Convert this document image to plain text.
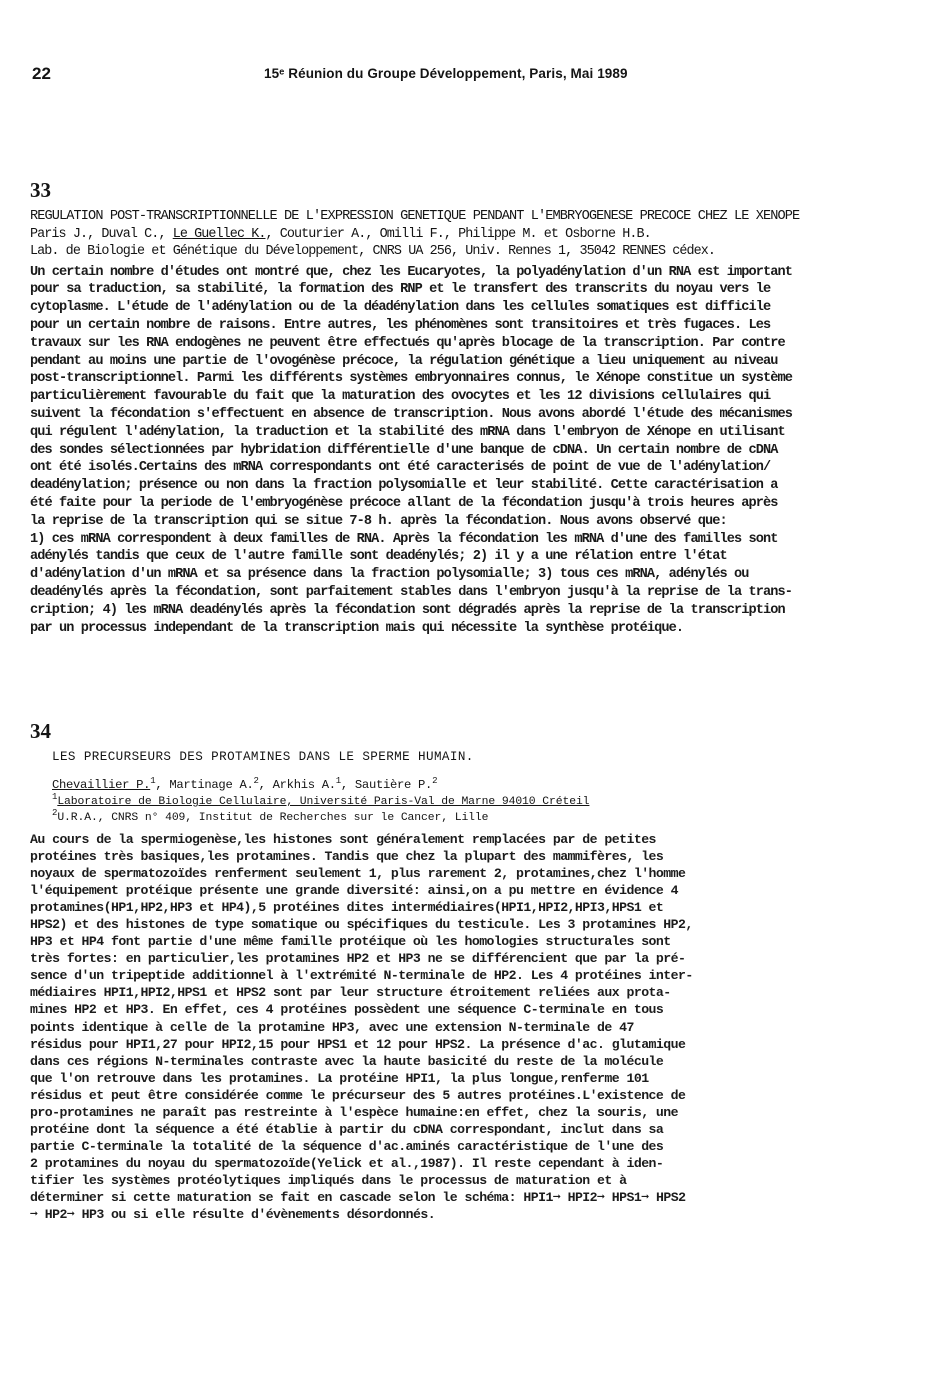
22	15ᵉ Réunion du Groupe Développement, Paris, Mai 1989
33
REGULATION POST-TRANSCRIPTIONNELLE DE L'EXPRESSION GENETIQUE PENDANT L'EMBRYOGENESE PRECOCE CHEZ LE XENOPE
Paris J., Duval C., Le Guellec K., Couturier A., Omilli F., Philippe M. et Osborne H.B.
Lab. de Biologie et Génétique du Développement, CNRS UA 256, Univ. Rennes 1, 35042 RENNES cédex.
Un certain nombre d'études ont montré que, chez les Eucaryotes, la polyadénylation d'un RNA est important
pour sa traduction, sa stabilité, la formation des RNP et le transfert des transcrits du noyau vers le
cytoplasme. L'étude de l'adénylation ou de la déadénylation dans les cellules somatiques est difficile
pour un certain nombre de raisons. Entre autres, les phénomènes sont transitoires et très fugaces. Les
travaux sur les RNA endogènes ne peuvent être effectués qu'après blocage de la transcription. Par contre
pendant au moins une partie de l'ovogénèse précoce, la régulation génétique a lieu uniquement au niveau
post-transcriptionnel. Parmi les différents systèmes embryonnaires connus, le Xénope constitue un système
particulièrement favourable du fait que la maturation des ovocytes et les 12 divisions cellulaires qui
suivent la fécondation s'effectuent en absence de transcription. Nous avons abordé l'étude des mécanismes
qui régulent l'adénylation, la traduction et la stabilité des mRNA dans l'embryon de Xénope en utilisant
des sondes sélectionnées par hybridation différentielle d'une banque de cDNA. Un certain nombre de cDNA
ont été isolés.Certains des mRNA correspondants ont été caracterisés de point de vue de l'adénylation/
deadénylation; présence ou non dans la fraction polysomialle et leur stabilité. Cette caractérisation a
été faite pour la periode de l'embryogénèse précoce allant de la fécondation jusqu'à trois heures après
la reprise de la transcription qui se situe 7-8 h. après la fécondation. Nous avons observé que:
1) ces mRNA correspondent à deux familles de RNA. Après la fécondation les mRNA d'une des familles sont
adénylés tandis que ceux de l'autre famille sont deadénylés; 2) il y a une rélation entre l'état
d'adénylation d'un mRNA et sa présence dans la fraction polysomialle; 3) tous ces mRNA, adénylés ou
deadénylés après la fécondation, sont parfaitement stables dans l'embryon jusqu'à la reprise de la trans-
cription; 4) les mRNA deadénylés après la fécondation sont dégradés après la reprise de la transcription
par un processus independant de la transcription mais qui nécessite la synthèse protéique.
34
LES PRECURSEURS DES PROTAMINES DANS LE SPERME HUMAIN.
Chevaillier P.$^1$, Martinage A.$^2$, Arkhis A.$^1$, Sautière P.$^2$
$^1$Laboratoire de Biologie Cellulaire, Université Paris-Val de Marne 94010 Créteil
$^2$U.R.A., CNRS n° 409, Institut de Recherches sur le Cancer, Lille
Au cours de la spermiogenèse,les histones sont généralement remplacées par de petites
protéines très basiques,les protamines. Tandis que chez la plupart des mammifères, les
noyaux de spermatozoïdes renferment seulement 1, plus rarement 2, protamines,chez l'homme
l'équipement protéique présente une grande diversité: ainsi,on a pu mettre en évidence 4
protamines(HP1,HP2,HP3 et HP4),5 protéines dites intermédiaires(HPI1,HPI2,HPI3,HPS1 et
HPS2) et des histones de type somatique ou spécifiques du testicule. Les 3 protamines HP2,
HP3 et HP4 font partie d'une même famille protéique où les homologies structurales sont
très fortes: en particulier,les protamines HP2 et HP3 ne se différencient que par la pré-
sence d'un tripeptide additionnel à l'extrémité N-terminale de HP2. Les 4 protéines inter-
médiaires HPI1,HPI2,HPS1 et HPS2 sont par leur structure étroitement reliées aux prota-
mines HP2 et HP3. En effet, ces 4 protéines possèdent une séquence C-terminale en tous
points identique à celle de la protamine HP3, avec une extension N-terminale de 47
résidus pour HPI1,27 pour HPI2,15 pour HPS1 et 12 pour HPS2. La présence d'ac. glutamique
dans ces régions N-terminales contraste avec la haute basicité du reste de la molécule
que l'on retrouve dans les protamines. La protéine HPI1, la plus longue,renferme 101
résidus et peut être considérée comme le précurseur des 5 autres protéines.L'existence de
pro-protamines ne paraît pas restreinte à l'espèce humaine:en effet, chez la souris, une
protéine dont la séquence a été établie à partir du cDNA correspondant, inclut dans sa
partie C-terminale la totalité de la séquence d'ac.aminés caractéristique de l'une des
2 protamines du noyau du spermatozoïde(Yelick et al.,1987). Il reste cependant à iden-
tifier les systèmes protéolytiques impliqués dans le processus de maturation et à
déterminer si cette maturation se fait en cascade selon le schéma: HPI1➞ HPI2➞ HPS1➞ HPS2
➞ HP2➞ HP3 ou si elle résulte d'évènements désordonnés.
